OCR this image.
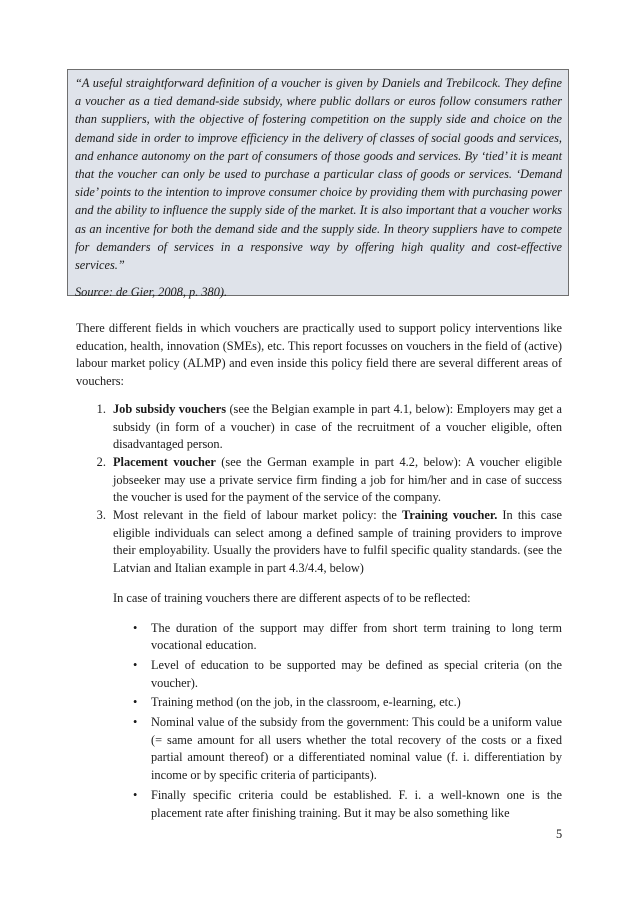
“A useful straightforward definition of a voucher is given by Daniels and Trebilcock. They define a voucher as a tied demand-side subsidy, where public dollars or euros follow consumers rather than suppliers, with the objective of fostering competition on the supply side and choice on the demand side in order to improve efficiency in the delivery of classes of social goods and services, and enhance autonomy on the part of consumers of those goods and services. By ‘tied’ it is meant that the voucher can only be used to purchase a particular class of goods or services. ‘Demand side’ points to the intention to improve consumer choice by providing them with purchasing power and the ability to influence the supply side of the market. It is also important that a voucher works as an incentive for both the demand side and the supply side. In theory suppliers have to compete for demanders of services in a responsive way by offering high quality and cost-effective services.”

Source: de Gier, 2008, p. 380).

There different fields in which vouchers are practically used to support policy interventions like education, health, innovation (SMEs), etc. This report focusses on vouchers in the field of (active) labour market policy (ALMP) and even inside this policy field there are several different areas of vouchers:

1. Job subsidy vouchers (see the Belgian example in part 4.1, below): Employers may get a subsidy (in form of a voucher) in case of the recruitment of a voucher eligible, often disadvantaged person.
2. Placement voucher (see the German example in part 4.2, below): A voucher eligible jobseeker may use a private service firm finding a job for him/her and in case of success the voucher is used for the payment of the service of the company.
3. Most relevant in the field of labour market policy: the Training voucher. In this case eligible individuals can select among a defined sample of training providers to improve their employability. Usually the providers have to fulfil specific quality standards. (see the Latvian and Italian example in part 4.3/4.4, below)

In case of training vouchers there are different aspects of to be reflected:

• The duration of the support may differ from short term training to long term vocational education.
• Level of education to be supported may be defined as special criteria (on the voucher).
• Training method (on the job, in the classroom, e-learning, etc.)
• Nominal value of the subsidy from the government: This could be a uniform value (= same amount for all users whether the total recovery of the costs or a fixed partial amount thereof) or a differentiated nominal value (f. i. differentiation by income or by specific criteria of participants).
• Finally specific criteria could be established. F. i. a well-known one is the placement rate after finishing training. But it may be also something like
5
